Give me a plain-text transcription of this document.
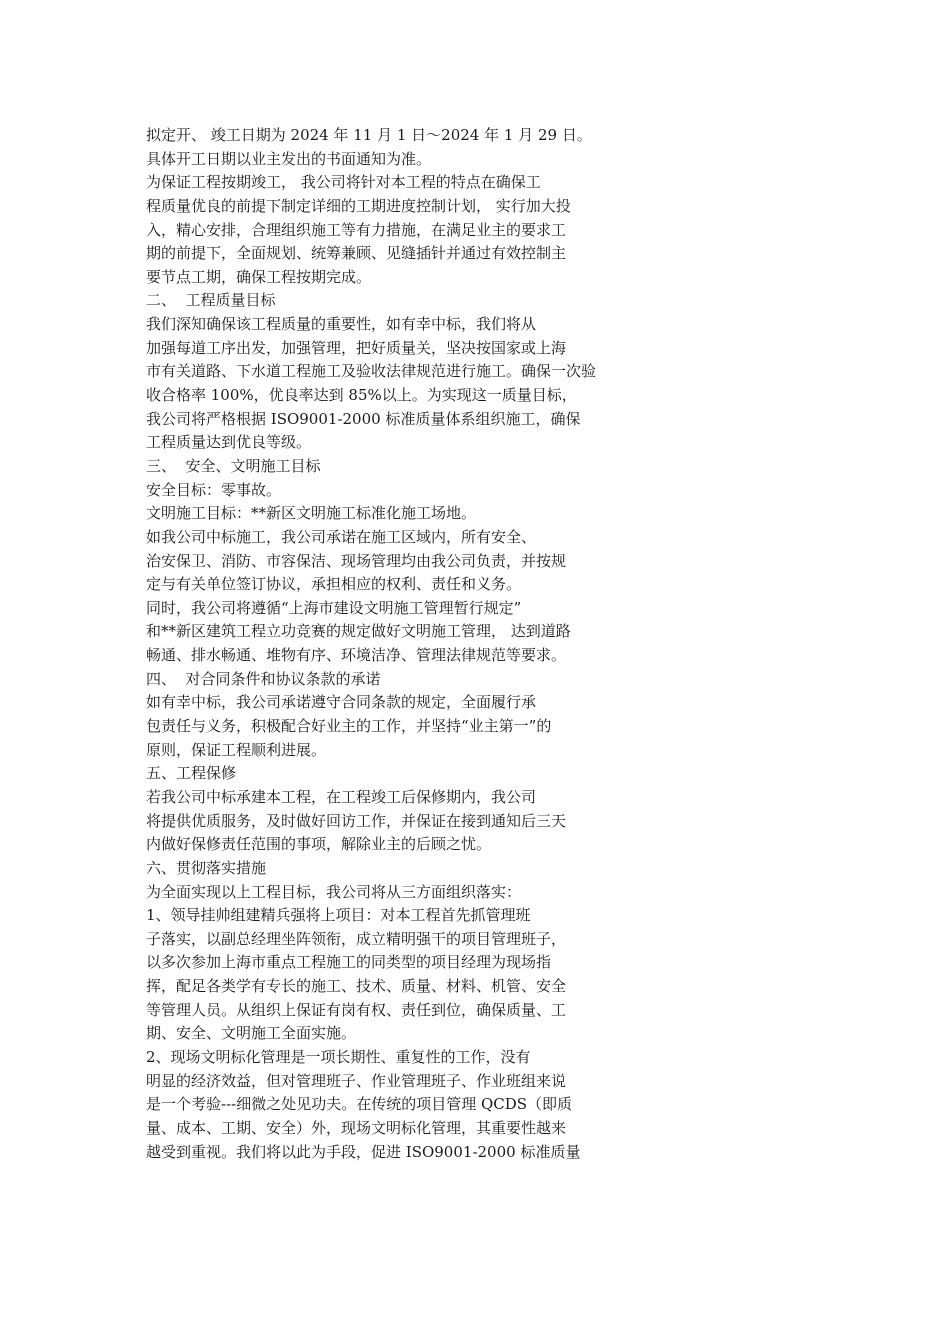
拟定开、 竣工日期为 2024 年 11 月 1 日～2024 年 1 月 29 日。
具体开工日期以业主发出的书面通知为准。
为保证工程按期竣工， 我公司将针对本工程的特点在确保工
程质量优良的前提下制定详细的工期进度控制计划， 实行加大投
入，精心安排，合理组织施工等有力措施，在满足业主的要求工
期的前提下，全面规划、统筹兼顾、见缝插针并通过有效控制主
要节点工期，确保工程按期完成。
二、  工程质量目标
我们深知确保该工程质量的重要性，如有幸中标，我们将从
加强每道工序出发，加强管理，把好质量关，坚决按国家或上海
市有关道路、下水道工程施工及验收法律规范进行施工。确保一次验
收合格率 100%，优良率达到 85%以上。为实现这一质量目标，
我公司将严格根据 ISO9001-2000 标准质量体系组织施工，确保
工程质量达到优良等级。
三、  安全、文明施工目标
安全目标：零事故。
文明施工目标：**新区文明施工标准化施工场地。
如我公司中标施工，我公司承诺在施工区域内，所有安全、
治安保卫、消防、市容保洁、现场管理均由我公司负责，并按规
定与有关单位签订协议，承担相应的权利、责任和义务。
同时，我公司将遵循“上海市建设文明施工管理暂行规定”
和**新区建筑工程立功竞赛的规定做好文明施工管理， 达到道路
畅通、排水畅通、堆物有序、环境洁净、管理法律规范等要求。
四、  对合同条件和协议条款的承诺
如有幸中标，我公司承诺遵守合同条款的规定，全面履行承
包责任与义务，积极配合好业主的工作，并坚持“业主第一”的
原则，保证工程顺利进展。
五、工程保修
若我公司中标承建本工程，在工程竣工后保修期内，我公司
将提供优质服务，及时做好回访工作，并保证在接到通知后三天
内做好保修责任范围的事项，解除业主的后顾之忧。
六、贯彻落实措施
为全面实现以上工程目标，我公司将从三方面组织落实：
1、领导挂帅组建精兵强将上项目：对本工程首先抓管理班
子落实，以副总经理坐阵领衔，成立精明强干的项目管理班子，
以多次参加上海市重点工程施工的同类型的项目经理为现场指
挥，配足各类学有专长的施工、技术、质量、材料、机管、安全
等管理人员。从组织上保证有岗有权、责任到位，确保质量、工
期、安全、文明施工全面实施。
2、现场文明标化管理是一项长期性、重复性的工作，没有
明显的经济效益，但对管理班子、作业管理班子、作业班组来说
是一个考验---细微之处见功夫。在传统的项目管理 QCDS（即质
量、成本、工期、安全）外，现场文明标化管理，其重要性越来
越受到重视。我们将以此为手段，促进 ISO9001-2000 标准质量
